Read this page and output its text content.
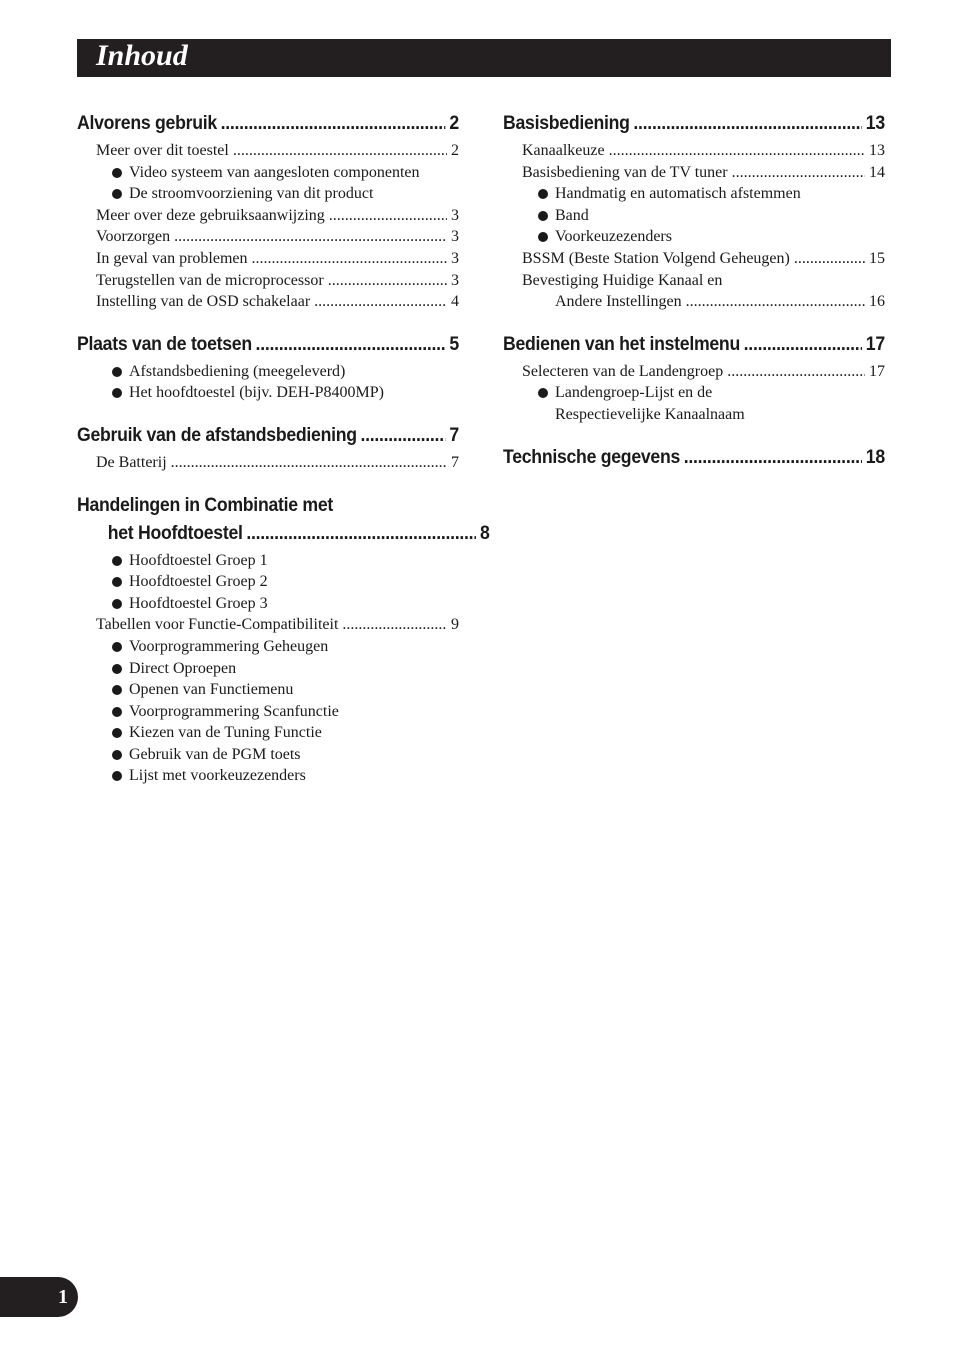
Inhoud
Alvorens gebruik .....	2
Meer over dit toestel .....	2
Video systeem van aangesloten componenten
De stroomvoorziening van dit product
Meer over deze gebruiksaanwijzing .....	3
Voorzorgen .....	3
In geval van problemen .....	3
Terugstellen van de microprocessor .....	3
Instelling van de OSD schakelaar .....	4
Plaats van de toetsen .....	5
Afstandsbediening (meegeleverd)
Het hoofdtoestel (bijv. DEH-P8400MP)
Gebruik van de afstandsbediening .....	7
De Batterij .....	7
Handelingen in Combinatie met
het Hoofdtoestel .....	8
Hoofdtoestel Groep 1
Hoofdtoestel Groep 2
Hoofdtoestel Groep 3
Tabellen voor Functie-Compatibiliteit .....	9
Voorprogrammering Geheugen
Direct Oproepen
Openen van Functiemenu
Voorprogrammering Scanfunctie
Kiezen van de Tuning Functie
Gebruik van de PGM toets
Lijst met voorkeuzezenders
Basisbediening .....	13
Kanaalkeuze .....	13
Basisbediening van de TV tuner .....	14
Handmatig en automatisch afstemmen
Band
Voorkeuzezenders
BSSM (Beste Station Volgend Geheugen) .....	15
Bevestiging Huidige Kanaal en
Andere Instellingen .....	16
Bedienen van het instelmenu .....	17
Selecteren van de Landengroep .....	17
Landengroep-Lijst en de
Respectievelijke Kanaalnaam
Technische gegevens .....	18
1
